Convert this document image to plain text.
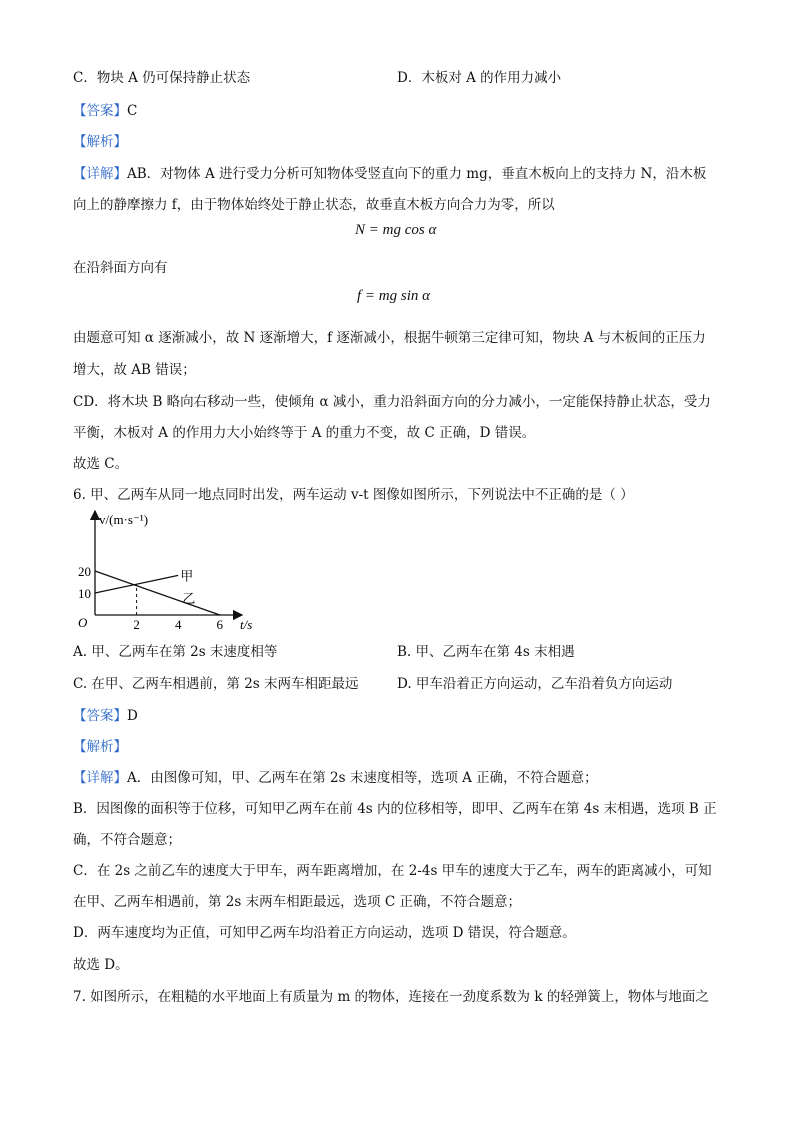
C．物块 A 仍可保持静止状态	D．木板对 A 的作用力减小
【答案】C
【解析】
【详解】AB．对物体 A 进行受力分析可知物体受竖直向下的重力 mg，垂直木板向上的支持力 N，沿木板
向上的静摩擦力 f，由于物体始终处于静止状态，故垂直木板方向合力为零，所以
N = mg cos α
在沿斜面方向有
f = mg sin α
由题意可知 α 逐渐减小，故 N 逐渐增大，f 逐渐减小，根据牛顿第三定律可知，物块 A 与木板间的正压力
增大，故 AB 错误；
CD．将木块 B 略向右移动一些，使倾角 α 减小，重力沿斜面方向的分力减小，一定能保持静止状态，受力
平衡，木板对 A 的作用力大小始终等于 A 的重力不变，故 C 正确，D 错误。
故选 C。
6. 甲、乙两车从同一地点同时出发，两车运动 v-t 图像如图所示，下列说法中不正确的是（ ）
v/(m·s⁻¹)
t/s
O	2	4	6
10
20	甲
乙
A. 甲、乙两车在第 2s 末速度相等	B. 甲、乙两车在第 4s 末相遇
C. 在甲、乙两车相遇前，第 2s 末两车相距最远	D. 甲车沿着正方向运动，乙车沿着负方向运动
【答案】D
【解析】
【详解】A．由图像可知，甲、乙两车在第 2s 末速度相等，选项 A 正确，不符合题意；
B．因图像的面积等于位移，可知甲乙两车在前 4s 内的位移相等，即甲、乙两车在第 4s 末相遇，选项 B 正
确，不符合题意；
C．在 2s 之前乙车的速度大于甲车，两车距离增加，在 2-4s 甲车的速度大于乙车，两车的距离减小，可知
在甲、乙两车相遇前，第 2s 末两车相距最远，选项 C 正确，不符合题意；
D．两车速度均为正值，可知甲乙两车均沿着正方向运动，选项 D 错误，符合题意。
故选 D。
7. 如图所示，在粗糙的水平地面上有质量为 m 的物体，连接在一劲度系数为 k 的轻弹簧上，物体与地面之
